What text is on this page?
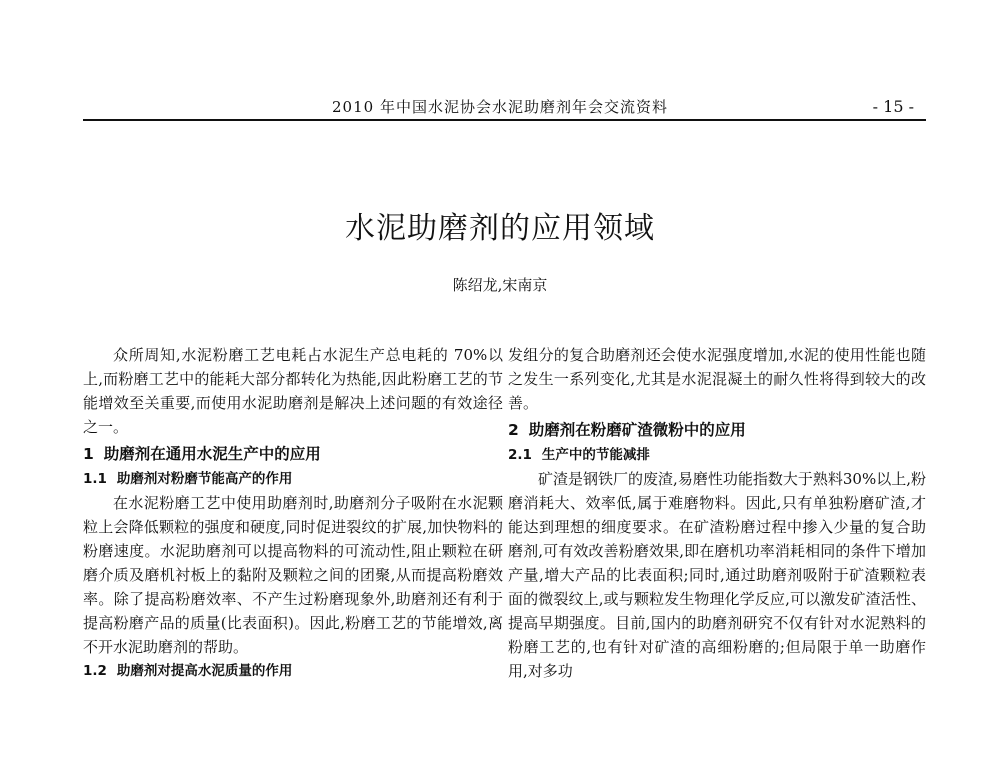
2010 年中国水泥协会水泥助磨剂年会交流资料	- 15 -
水泥助磨剂的应用领域
陈绍龙,宋南京

众所周知,水泥粉磨工艺电耗占水泥生产总电耗的 70%以上,而粉磨工艺中的能耗大部分都转化为热能,因此粉磨工艺的节能增效至关重要,而使用水泥助磨剂是解决上述问题的有效途径之一。

1 助磨剂在通用水泥生产中的应用
1.1 助磨剂对粉磨节能高产的作用

在水泥粉磨工艺中使用助磨剂时,助磨剂分子吸附在水泥颗粒上会降低颗粒的强度和硬度,同时促进裂纹的扩展,加快物料的粉磨速度。水泥助磨剂可以提高物料的可流动性,阻止颗粒在研磨介质及磨机衬板上的黏附及颗粒之间的团聚,从而提高粉磨效率。除了提高粉磨效率、不产生过粉磨现象外,助磨剂还有利于提高粉磨产品的质量(比表面积)。因此,粉磨工艺的节能增效,离不开水泥助磨剂的帮助。

1.2 助磨剂对提高水泥质量的作用

发组分的复合助磨剂还会使水泥强度增加,水泥的使用性能也随之发生一系列变化,尤其是水泥混凝土的耐久性将得到较大的改善。

2 助磨剂在粉磨矿渣微粉中的应用
2.1 生产中的节能减排

矿渣是钢铁厂的废渣,易磨性功能指数大于熟料30%以上,粉磨消耗大、效率低,属于难磨物料。因此,只有单独粉磨矿渣,才能达到理想的细度要求。在矿渣粉磨过程中掺入少量的复合助磨剂,可有效改善粉磨效果,即在磨机功率消耗相同的条件下增加产量,增大产品的比表面积;同时,通过助磨剂吸附于矿渣颗粒表面的微裂纹上,或与颗粒发生物理化学反应,可以激发矿渣活性、提高早期强度。目前,国内的助磨剂研究不仅有针对水泥熟料的粉磨工艺的,也有针对矿渣的高细粉磨的;但局限于单一助磨作用,对多功
